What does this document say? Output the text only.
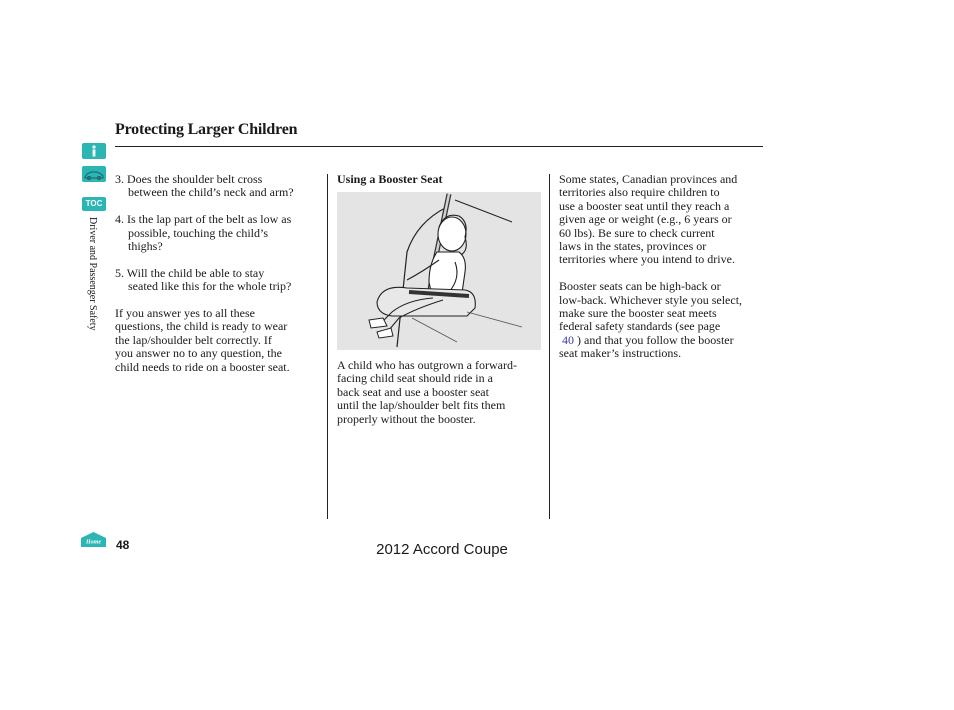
Protecting Larger Children
TOC
Driver and Passenger Safety
3. Does the shoulder belt cross
between the child’s neck and arm?
4. Is the lap part of the belt as low as
possible, touching the child’s
thighs?
5. Will the child be able to stay
seated like this for the whole trip?
If you answer yes to all these
questions, the child is ready to wear
the lap/shoulder belt correctly. If
you answer no to any question, the
child needs to ride on a booster seat.
Using a Booster Seat
A child who has outgrown a forward-
facing child seat should ride in a
back seat and use a booster seat
until the lap/shoulder belt fits them
properly without the booster.
Some states, Canadian provinces and
territories also require children to
use a booster seat until they reach a
given age or weight (e.g., 6 years or
60 lbs). Be sure to check current
laws in the states, provinces or
territories where you intend to drive.
Booster seats can be high-back or
low-back. Whichever style you select,
make sure the booster seat meets
federal safety standards (see page
40 ) and that you follow the booster
seat maker’s instructions.
Home 48	2012 Accord Coupe
